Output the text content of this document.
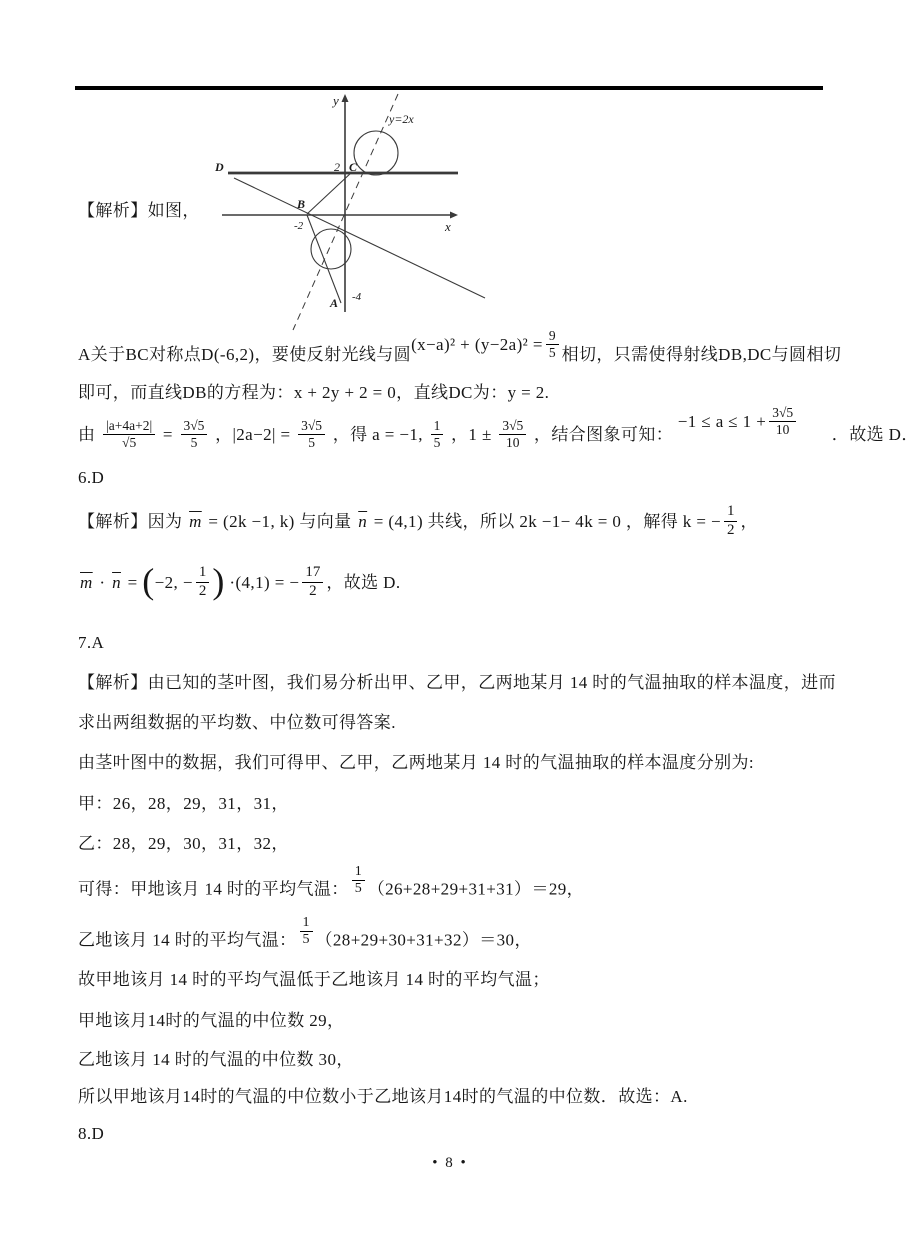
y
x
y=2x
2 C
B
-2
D
A -4
【解析】如图，
A关于BC对称点D(-6,2)，要使反射光线与圆$(x-a)^2 + (y-2a)^2 = \frac{9}{5}$ 相切，只需使得射线DB,DC与圆相切
即可，而直线DB的方程为：x + 2y + 2 = 0，直线DC为：y = 2.
由 $\frac{|a+4a+2|}{√5} = \frac{3√5}{5}$ ，$|2a-2| = \frac{3√5}{5}$ ，得 a = −1, $\frac{1}{5}$ ，$1 \pm \frac{3√5}{10}$ ，结合图象可知： $-1 \le a \le 1 + \frac{3√5}{10}$ ．故选 D．
6.D
【解析】因为 $\overline{m} = (2k -1$, k) 与向量 $\overline{n} = (4,1)$ 共线，所以 2k −1− 4k = 0 ，解得 k = − $\frac{1}{2}$ ，
$\overline{m} \cdot \overline{n} = (-2$, − $\frac{1}{2}$ ) ·(4,1) = − $\frac{17}{2}$ ，故选 D.
7.A
【解析】由已知的茎叶图，我们易分析出甲、乙甲，乙两地某月 14 时的气温抽取的样本温度，进而
求出两组数据的平均数、中位数可得答案.
由茎叶图中的数据，我们可得甲、乙甲，乙两地某月 14 时的气温抽取的样本温度分别为:
甲：26，28，29，31，31，
乙：28，29，30，31，32，
可得：甲地该月 14 时的平均气温： $\frac{1}{5} (26+28+29+31+31)=29$，
乙地该月 14 时的平均气温： $\frac{1}{5} (28+29+30+31+32)=30$，
故甲地该月 14 时的平均气温低于乙地该月 14 时的平均气温；
甲地该月14时的气温的中位数 29，
乙地该月 14 时的气温的中位数 30，
所以甲地该月14时的气温的中位数小于乙地该月14时的气温的中位数．故选：A.
8.D
• 8 •
